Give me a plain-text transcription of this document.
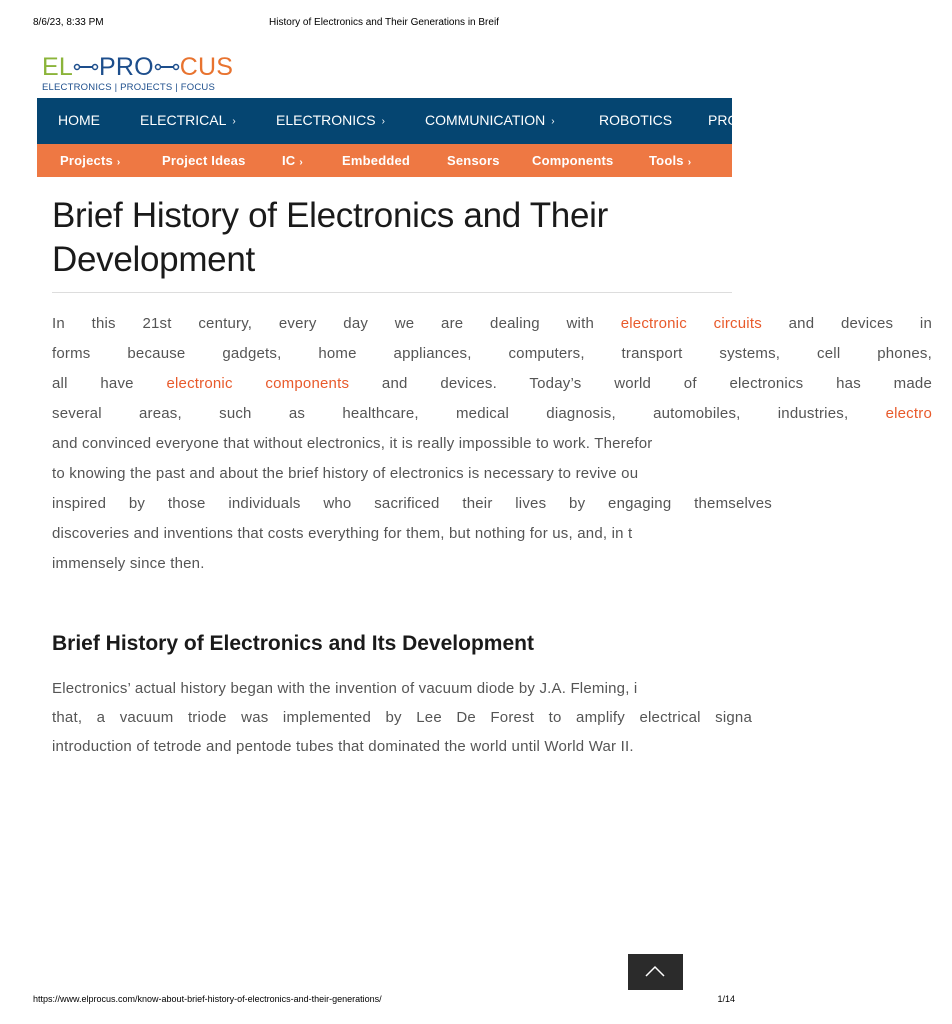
8/6/23, 8:33 PM	History of Electronics and Their Generations in Breif
EL PRO CUS
ELECTRONICS | PROJECTS | FOCUS
HOME	ELECTRICAL ›	ELECTRONICS ›	COMMUNICATION ›	ROBOTICS	PRO
Projects ›	Project Ideas	IC ›	Embedded	Sensors Components	Tools ›
Brief History of Electronics and Their
Development
In this 21st century, every day we are dealing with electronic circuits and devices in
forms because gadgets, home appliances, computers, transport systems, cell phones,
all have electronic components and devices. Today’s world of electronics has made
several areas, such as healthcare, medical diagnosis, automobiles, industries, electro
and convinced everyone that without electronics, it is really impossible to work. Therefor
to knowing the past and about the brief history of electronics is necessary to revive ou
inspired by those individuals who sacrificed their lives by engaging themselves
discoveries and inventions that costs everything for them, but nothing for us, and, in t
immensely since then.
Electronics’ actual history began with the invention of vacuum diode by J.A. Fleming, i
that, a vacuum triode was implemented by Lee De Forest to amplify electrical signa
introduction of tetrode and pentode tubes that dominated the world until World War II.
Brief History of Electronics and Its Development
https://www.elprocus.com/know-about-brief-history-of-electronics-and-their-generations/	1/14
